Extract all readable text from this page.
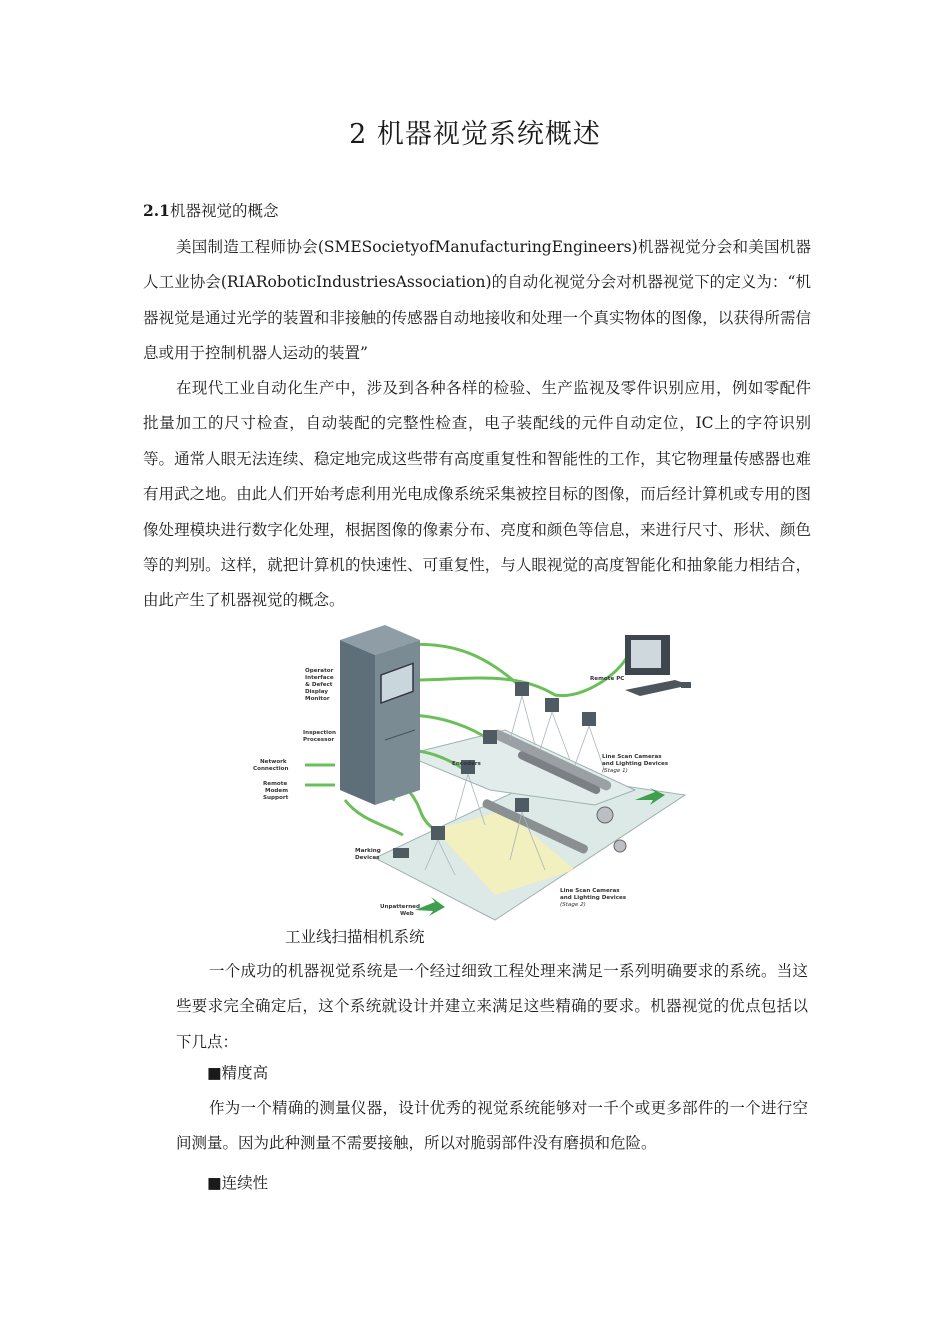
2 机器视觉系统概述
2.1机器视觉的概念
美国制造工程师协会(SMESocietyofManufacturingEngineers)机器视觉分会和美国机器人工业协会(RIARoboticIndustriesAssociation)的自动化视觉分会对机器视觉下的定义为：“机器视觉是通过光学的装置和非接触的传感器自动地接收和处理一个真实物体的图像，以获得所需信息或用于控制机器人运动的装置”
在现代工业自动化生产中，涉及到各种各样的检验、生产监视及零件识别应用，例如零配件批量加工的尺寸检查，自动装配的完整性检查，电子装配线的元件自动定位，IC上的字符识别等。通常人眼无法连续、稳定地完成这些带有高度重复性和智能性的工作，其它物理量传感器也难有用武之地。由此人们开始考虑利用光电成像系统采集被控目标的图像，而后经计算机或专用的图像处理模块进行数字化处理，根据图像的像素分布、亮度和颜色等信息，来进行尺寸、形状、颜色等的判别。这样，就把计算机的快速性、可重复性，与人眼视觉的高度智能化和抽象能力相结合，由此产生了机器视觉的概念。
Operator
Interface
& Defect
Display
Monitor
Inspection
Processor
Network
Connection
Remote
Modem
Support
Remote PC
Encoders
Line Scan Cameras
and Lighting Devices
(Stage 1)
Marking
Devices
Line Scan Cameras
and Lighting Devices
(Stage 2)
Unpatterned
Web
工业线扫描相机系统
一个成功的机器视觉系统是一个经过细致工程处理来满足一系列明确要求的系统。当这些要求完全确定后，这个系统就设计并建立来满足这些精确的要求。机器视觉的优点包括以下几点：
■精度高
作为一个精确的测量仪器，设计优秀的视觉系统能够对一千个或更多部件的一个进行空间测量。因为此种测量不需要接触，所以对脆弱部件没有磨损和危险。
■连续性
